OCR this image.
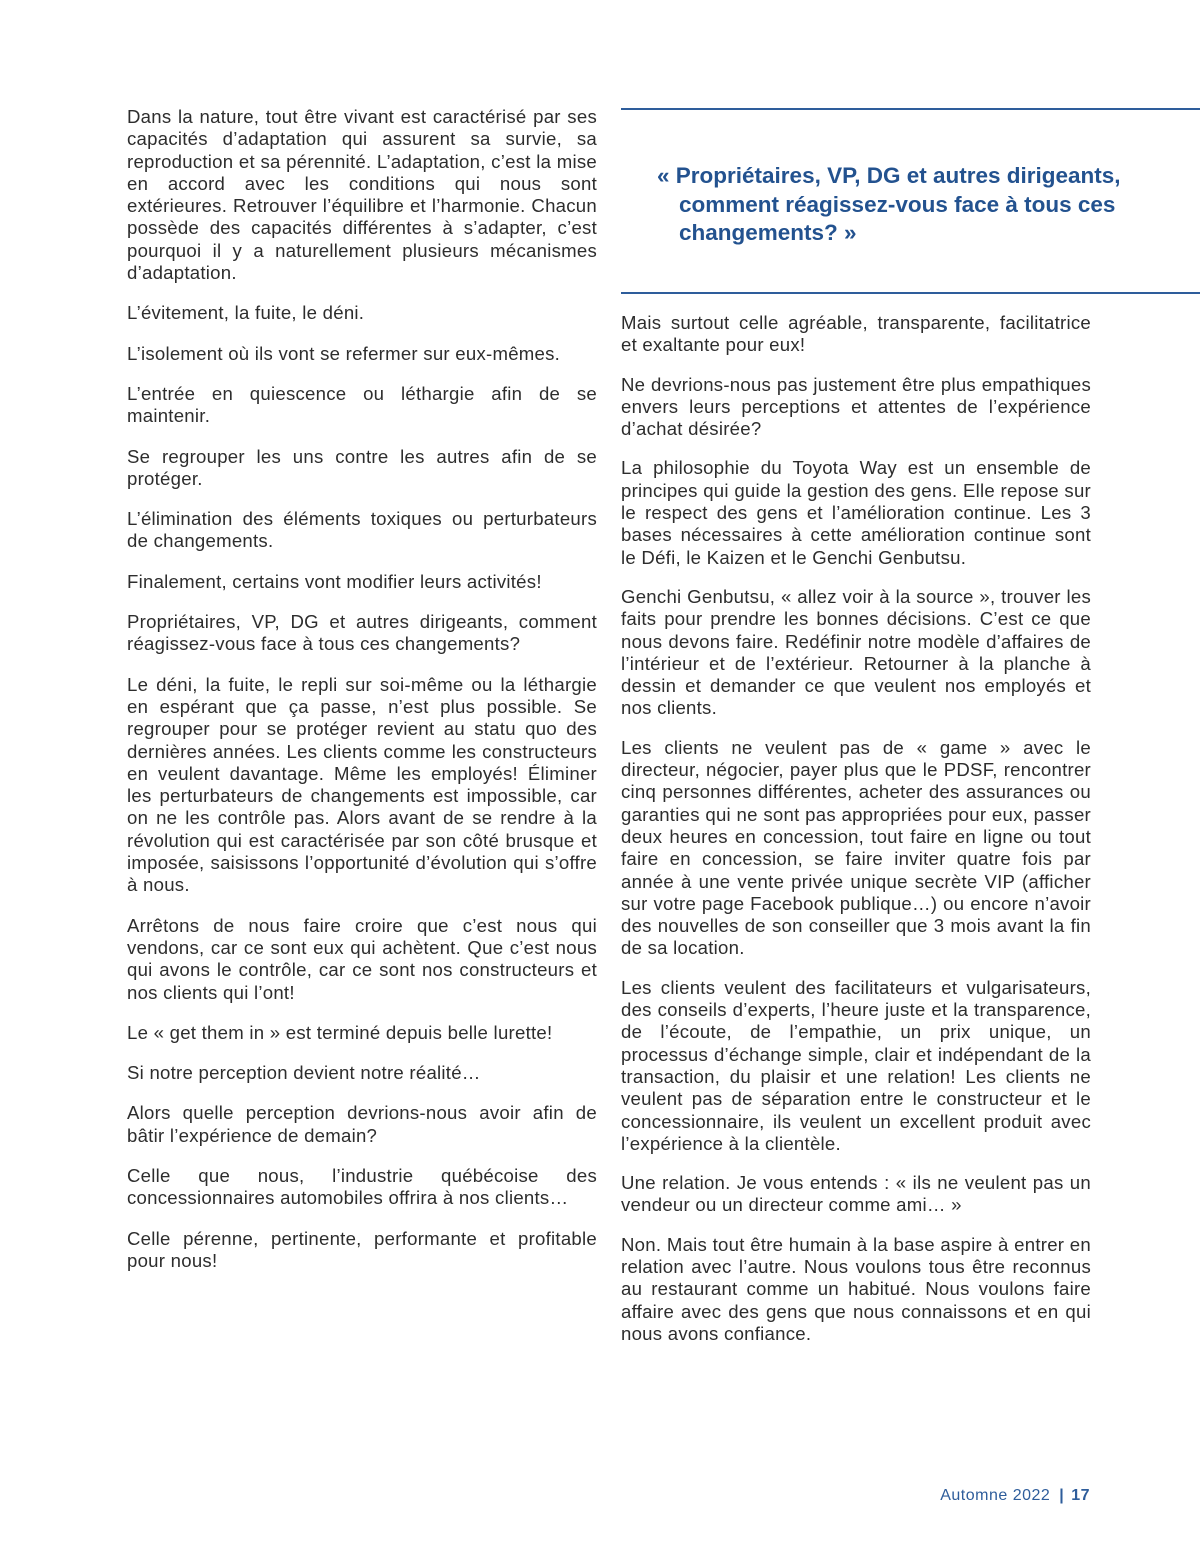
Dans la nature, tout être vivant est caractérisé par ses capacités d’adaptation qui assurent sa survie, sa reproduction et sa pérennité. L’adaptation, c’est la mise en accord avec les conditions qui nous sont extérieures. Retrouver l’équilibre et l’harmonie. Chacun possède des capacités différentes à s’adapter, c’est pourquoi il y a naturellement plusieurs mécanismes d’adaptation.

L’évitement, la fuite, le déni.

L’isolement où ils vont se refermer sur eux-mêmes.

L’entrée en quiescence ou léthargie afin de se maintenir.

Se regrouper les uns contre les autres afin de se protéger.

L’élimination des éléments toxiques ou perturbateurs de changements.

Finalement, certains vont modifier leurs activités!

Propriétaires, VP, DG et autres dirigeants, comment réagissez-vous face à tous ces changements?

Le déni, la fuite, le repli sur soi-même ou la léthargie en espérant que ça passe, n’est plus possible. Se regrouper pour se protéger revient au statu quo des dernières années. Les clients comme les constructeurs en veulent davantage. Même les employés! Éliminer les perturbateurs de changements est impossible, car on ne les contrôle pas. Alors avant de se rendre à la révolution qui est caractérisée par son côté brusque et imposée, saisissons l’opportunité d’évolution qui s’offre à nous.

Arrêtons de nous faire croire que c’est nous qui vendons, car ce sont eux qui achètent. Que c’est nous qui avons le contrôle, car ce sont nos constructeurs et nos clients qui l’ont!

Le « get them in » est terminé depuis belle lurette!

Si notre perception devient notre réalité…

Alors quelle perception devrions-nous avoir afin de bâtir l’expérience de demain?

Celle que nous, l’industrie québécoise des concessionnaires automobiles offrira à nos clients…

Celle pérenne, pertinente, performante et profitable pour nous!

« Propriétaires, VP, DG et autres dirigeants, comment réagissez-vous face à tous ces changements? »

Mais surtout celle agréable, transparente, facilitatrice et exaltante pour eux!

Ne devrions-nous pas justement être plus empathiques envers leurs perceptions et attentes de l’expérience d’achat désirée?

La philosophie du Toyota Way est un ensemble de principes qui guide la gestion des gens. Elle repose sur le respect des gens et l’amélioration continue. Les 3 bases nécessaires à cette amélioration continue sont le Défi, le Kaizen et le Genchi Genbutsu.

Genchi Genbutsu, « allez voir à la source », trouver les faits pour prendre les bonnes décisions. C’est ce que nous devons faire. Redéfinir notre modèle d’affaires de l’intérieur et de l’extérieur. Retourner à la planche à dessin et demander ce que veulent nos employés et nos clients.

Les clients ne veulent pas de « game » avec le directeur, négocier, payer plus que le PDSF, rencontrer cinq personnes différentes, acheter des assurances ou garanties qui ne sont pas appropriées pour eux, passer deux heures en concession, tout faire en ligne ou tout faire en concession, se faire inviter quatre fois par année à une vente privée unique secrète VIP (afficher sur votre page Facebook publique…) ou encore n’avoir des nouvelles de son conseiller que 3 mois avant la fin de sa location.

Les clients veulent des facilitateurs et vulgarisateurs, des conseils d’experts, l’heure juste et la transparence, de l’écoute, de l’empathie, un prix unique, un processus d’échange simple, clair et indépendant de la transaction, du plaisir et une relation! Les clients ne veulent pas de séparation entre le constructeur et le concessionnaire, ils veulent un excellent produit avec l’expérience à la clientèle.

Une relation. Je vous entends : « ils ne veulent pas un vendeur ou un directeur comme ami… »

Non. Mais tout être humain à la base aspire à entrer en relation avec l’autre. Nous voulons tous être reconnus au restaurant comme un habitué. Nous voulons faire affaire avec des gens que nous connaissons et en qui nous avons confiance.

Automne 2022 | 17
